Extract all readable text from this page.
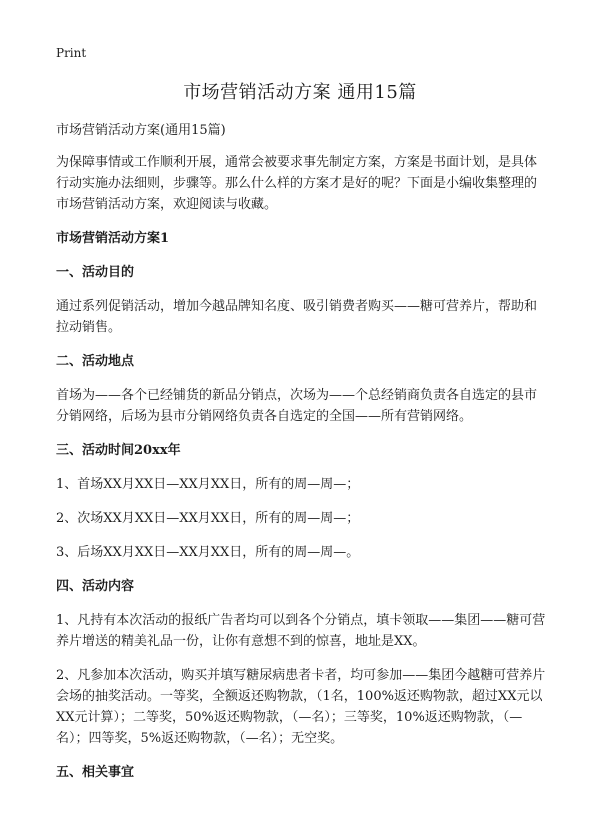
Print
市场营销活动方案 通用15篇

市场营销活动方案(通用15篇)

为保障事情或工作顺利开展，通常会被要求事先制定方案，方案是书面计划，是具体行动实施办法细则，步骤等。那么什么样的方案才是好的呢？下面是小编收集整理的市场营销活动方案，欢迎阅读与收藏。

市场营销活动方案1

一、活动目的

通过系列促销活动，增加今越品牌知名度、吸引销费者购买——糖可营养片，帮助和拉动销售。

二、活动地点

首场为——各个已经铺货的新品分销点，次场为——个总经销商负责各自选定的县市分销网络，后场为县市分销网络负责各自选定的全国——所有营销网络。

三、活动时间20xx年

1、首场XX月XX日—XX月XX日，所有的周—周—；

2、次场XX月XX日—XX月XX日，所有的周—周—；

3、后场XX月XX日—XX月XX日，所有的周—周—。

四、活动内容

1、凡持有本次活动的报纸广告者均可以到各个分销点，填卡领取——集团——糖可营养片增送的精美礼品一份，让你有意想不到的惊喜，地址是XX。

2、凡参加本次活动，购买并填写糖尿病患者卡者，均可参加——集团今越糖可营养片会场的抽奖活动。一等奖，全额返还购物款，（1名，100%返还购物款，超过XX元以XX元计算）；二等奖，50%返还购物款，（—名）；三等奖，10%返还购物款，（—名）；四等奖，5%返还购物款，（—名）；无空奖。

五、相关事宜
